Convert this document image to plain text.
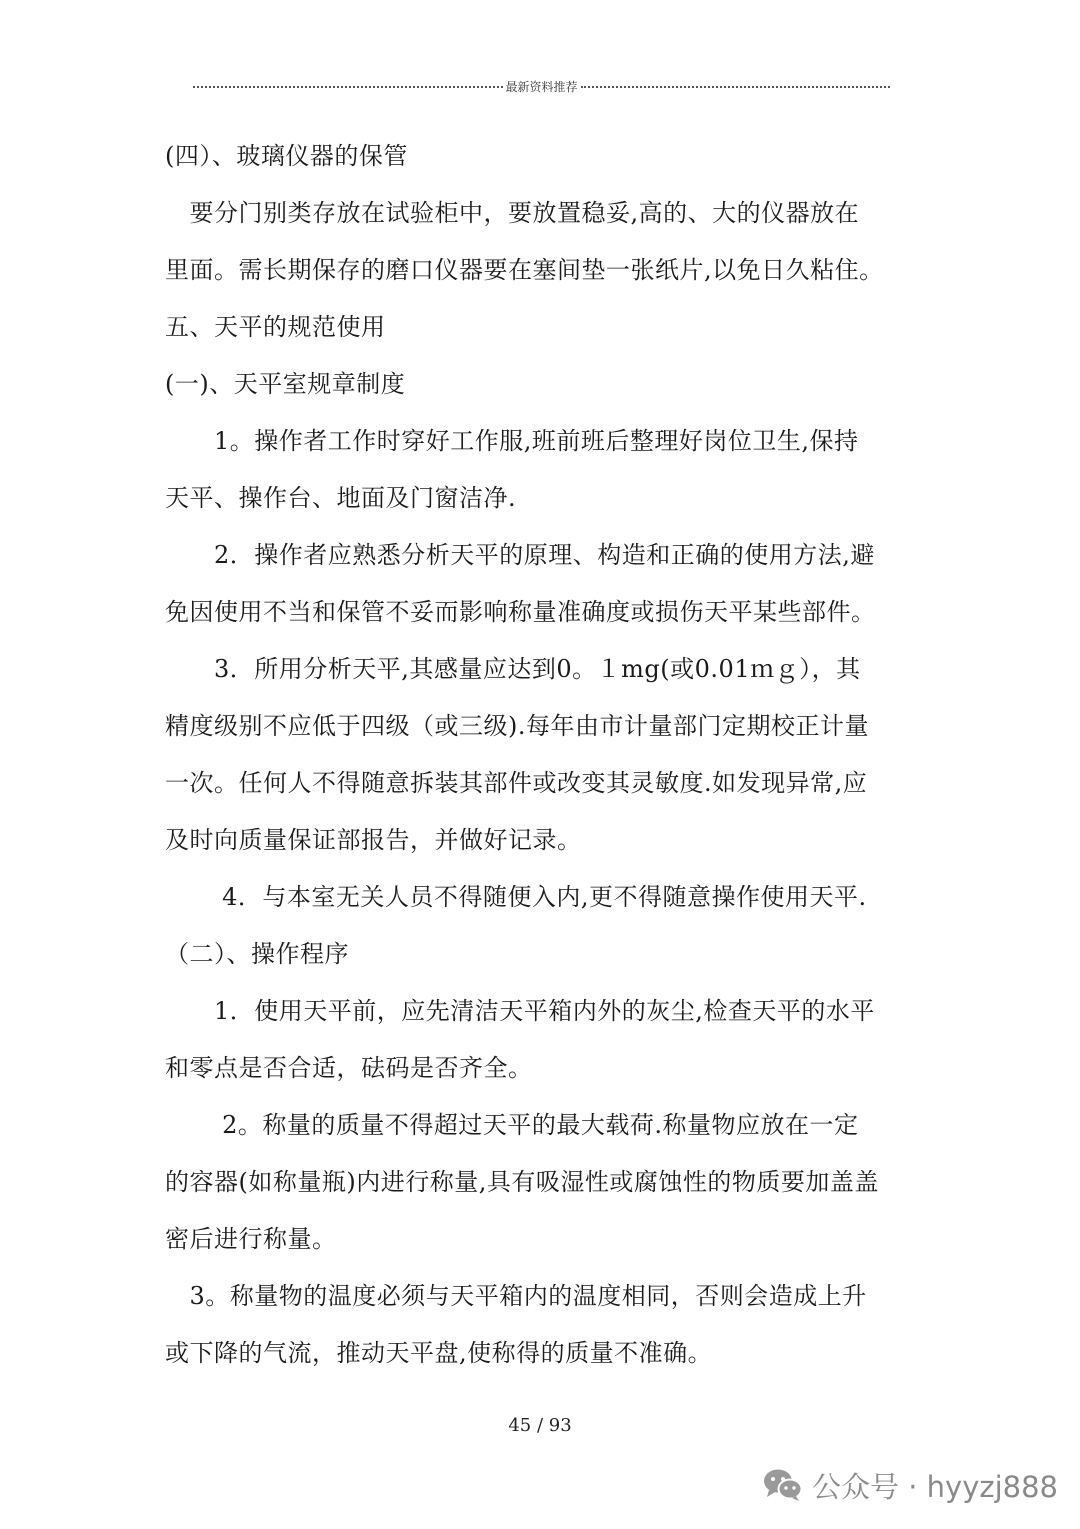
最新资料推荐
(四）、玻璃仪器的保管
　要分门别类存放在试验柜中，要放置稳妥,高的、大的仪器放在
里面。需长期保存的磨口仪器要在塞间垫一张纸片,以免日久粘住。
五、天平的规范使用
(一)、天平室规章制度
　　1。操作者工作时穿好工作服,班前班后整理好岗位卫生,保持
天平、操作台、地面及门窗洁净.
　　2．操作者应熟悉分析天平的原理、构造和正确的使用方法,避
免因使用不当和保管不妥而影响称量准确度或损伤天平某些部件。
　　3．所用分析天平,其感量应达到0。１mg(或0.01ｍｇ），其
精度级别不应低于四级（或三级).每年由市计量部门定期校正计量
一次。任何人不得随意拆装其部件或改变其灵敏度.如发现异常,应
及时向质量保证部报告，并做好记录。
　　 4．与本室无关人员不得随便入内,更不得随意操作使用天平.
（二）、操作程序
　　1．使用天平前，应先清洁天平箱内外的灰尘,检查天平的水平
和零点是否合适，砝码是否齐全。
　　 2。称量的质量不得超过天平的最大载荷.称量物应放在一定
的容器(如称量瓶)内进行称量,具有吸湿性或腐蚀性的物质要加盖盖
密后进行称量。
　3。称量物的温度必须与天平箱内的温度相同，否则会造成上升
或下降的气流，推动天平盘,使称得的质量不准确。
45 / 93
公众号 · hyyzj888
